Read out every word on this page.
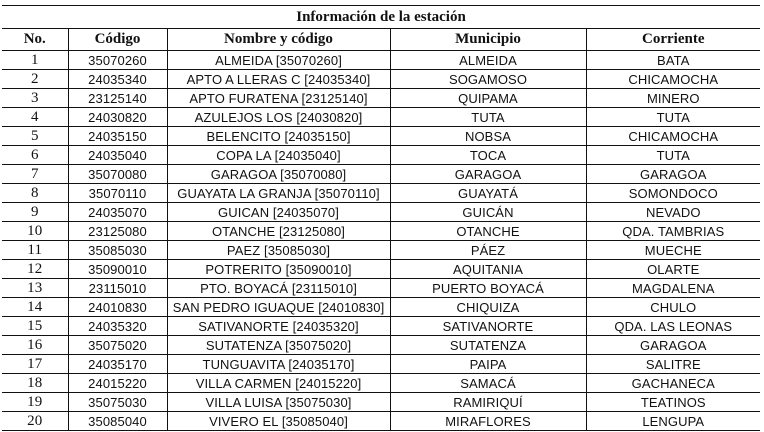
Información de la estación				
No.	Código	Nombre y código	Municipio	Corriente
1	35070260	ALMEIDA [35070260]	ALMEIDA	BATA
2	24035340	APTO A LLERAS C [24035340]	SOGAMOSO	CHICAMOCHA
3	23125140	APTO FURATENA [23125140]	QUIPAMA	MINERO
4	24030820	AZULEJOS LOS [24030820]	TUTA	TUTA
5	24035150	BELENCITO [24035150]	NOBSA	CHICAMOCHA
6	24035040	COPA LA [24035040]	TOCA	TUTA
7	35070080	GARAGOA [35070080]	GARAGOA	GARAGOA
8	35070110	GUAYATA LA GRANJA [35070110]	GUAYATÁ	SOMONDOCO
9	24035070	GUICAN [24035070]	GUICÁN	NEVADO
10	23125080	OTANCHE [23125080]	OTANCHE	QDA. TAMBRIAS
11	35085030	PAEZ [35085030]	PÁEZ	MUECHE
12	35090010	POTRERITO [35090010]	AQUITANIA	OLARTE
13	23115010	PTO. BOYACÁ [23115010]	PUERTO BOYACÁ	MAGDALENA
14	24010830	SAN PEDRO IGUAQUE [24010830]	CHIQUIZA	CHULO
15	24035320	SATIVANORTE [24035320]	SATIVANORTE	QDA. LAS LEONAS
16	35075020	SUTATENZA [35075020]	SUTATENZA	GARAGOA
17	24035170	TUNGUAVITA [24035170]	PAIPA	SALITRE
18	24015220	VILLA CARMEN [24015220]	SAMACÁ	GACHANECA
19	35075030	VILLA LUISA [35075030]	RAMIRIQUÍ	TEATINOS
20	35085040	VIVERO EL [35085040]	MIRAFLORES	LENGUPA
